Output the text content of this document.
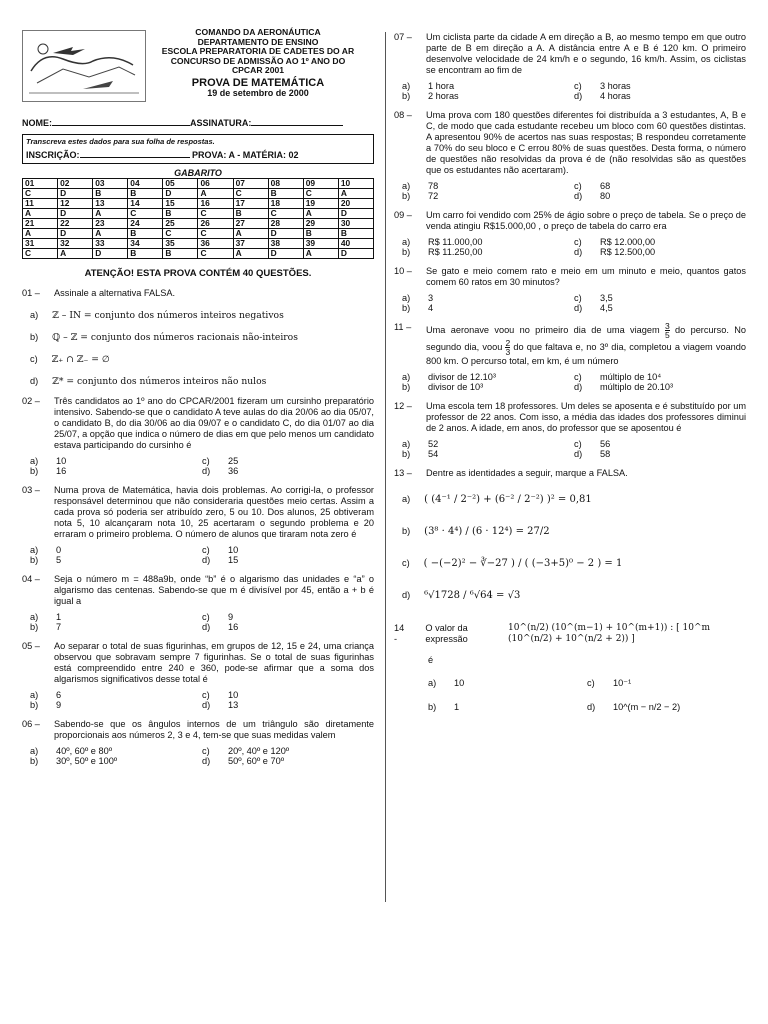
COMANDO DA AERONÁUTICA
DEPARTAMENTO DE ENSINO
ESCOLA PREPARATORIA DE CADETES DO AR
CONCURSO DE ADMISSÃO AO 1º ANO DO
CPCAR 2001
PROVA DE MATEMÁTICA
19 de setembro de 2000
NOME:	ASSINATURA:
Transcreva estes dados para sua folha de respostas.
INSCRIÇÃO:	PROVA: A - MATÉRIA: 02
GABARITO
01	02	03	04	05	06	07	08	09	10
C	D	B	B	D	A	C	B	C	A
11	12	13	14	15	16	17	18	19	20
A	D	A	C	B	C	B	C	A	D
21	22	23	24	25	26	27	28	29	30
A	D	A	B	C	C	A	D	B	B
31	32	33	34	35	36	37	38	39	40
C	A	D	B	B	C	A	D	A	D
ATENÇÃO! ESTA PROVA CONTÉM 40 QUESTÕES.
01 – Assinale a alternativa FALSA.
a) ℤ – IN = conjunto dos números inteiros negativos
b) ℚ – ℤ = conjunto dos números racionais não-inteiros
c) ℤ₊ ∩ ℤ₋ = ∅
d) ℤ* = conjunto dos números inteiros não nulos
02 – Três candidatos ao 1º ano do CPCAR/2001 fizeram um cursinho preparatório intensivo. Sabendo-se que o candidato A teve aulas do dia 20/06 ao dia 05/07, o candidato B, do dia 30/06 ao dia 09/07 e o candidato C, do dia 01/07 ao dia 25/07, a opção que indica o número de dias em que pelo menos um candidato estava participando do cursinho é
a)	10	c)	25
b)	16	d)	36
03 – Numa prova de Matemática, havia dois problemas. Ao corrigi-la, o professor responsável determinou que não consideraria questões meio certas. Assim a cada prova só poderia ser atribuído zero, 5 ou 10. Dos alunos, 25 obtiveram nota 5, 10 alcançaram nota 10, 25 acertaram o segundo problema e 20 erraram o primeiro problema. O número de alunos que tiraram nota zero é
a)	0	c)	10
b)	5	d)	15
04 – Seja o número m = 488a9b, onde “b” é o algarismo das unidades e “a” o algarismo das centenas. Sabendo-se que m é divisível por 45, então a + b é igual a
a)	1	c)	9
b)	7	d)	16
05 – Ao separar o total de suas figurinhas, em grupos de 12, 15 e 24, uma criança observou que sobravam sempre 7 figurinhas. Se o total de suas figurinhas está compreendido entre 240 e 360, pode-se afirmar que a soma dos algarismos significativos desse total é
a)	6	c)	10
b)	9	d)	13
06 – Sabendo-se que os ângulos internos de um triângulo são diretamente proporcionais aos números 2, 3 e 4, tem-se que suas medidas valem
a)	40º, 60º e 80º	c)	20º, 40º e 120º
b)	30º, 50º e 100º	d)	50º, 60º e 70º
07 – Um ciclista parte da cidade A em direção a B, ao mesmo tempo em que outro parte de B em direção a A. A distância entre A e B é 120 km. O primeiro desenvolve velocidade de 24 km/h e o segundo, 16 km/h. Assim, os ciclistas se encontram ao fim de
a)	1 hora	c)	3 horas
b)	2 horas	d)	4 horas
08 – Uma prova com 180 questões diferentes foi distribuída a 3 estudantes, A, B e C, de modo que cada estudante recebeu um bloco com 60 questões distintas. A apresentou 90% de acertos nas suas respostas; B respondeu corretamente a 70% do seu bloco e C errou 80% de suas questões. Desta forma, o número de questões não resolvidas da prova é de (não resolvidas são as questões que os estudantes não acertaram).
a)	78	c)	68
b)	72	d)	80
09 – Um carro foi vendido com 25% de ágio sobre o preço de tabela. Se o preço de venda atingiu R$15.000,00 , o preço de tabela do carro era
a)	R$ 11.000,00	c)	R$ 12.000,00
b)	R$ 11.250,00	d)	R$ 12.500,00
10 – Se gato e meio comem rato e meio em um minuto e meio, quantos gatos comem 60 ratos em 30 minutos?
a)	3	c)	3,5
b)	4	d)	4,5
11 – Uma aeronave voou no primeiro dia de uma viagem $\frac{3}{5}$ do percurso. No segundo dia, voou $\frac{2}{3}$ do que faltava e, no 3º dia, completou a viagem voando 800 km. O percurso total, em km, é um número
a)	divisor de 12.10³	c)	múltiplo de 10⁴
b)	divisor de 10³	d)	múltiplo de 20.10³
12 – Uma escola tem 18 professores. Um deles se aposenta e é substituído por um professor de 22 anos. Com isso, a média das idades dos professores diminui de 2 anos. A idade, em anos, do professor que se aposentou é
a)	52	c)	56
b)	54	d)	58
13 – Dentre as identidades a seguir, marque a FALSA.
a) ( (4⁻¹ / 2⁻²) + (6⁻² / 2⁻²) )² = 0,81
b) (3⁸ · 4⁴) / (6 · 12⁴) = 27/2
c) ( −(−2)² − ∛−27 ) / ( (−3+5)⁰ − 2 ) = 1
d) ⁶√1728 / ⁶√64 = √3
14 -
O valor da expressão
10^(n/2) (10^(m−1) + 10^(m+1)) : [ 10^m (10^(n/2) + 10^(n/2 + 2)) ]
é
a)	10	c)	10⁻¹
b)	1	d)	10^(m − n/2 − 2)
